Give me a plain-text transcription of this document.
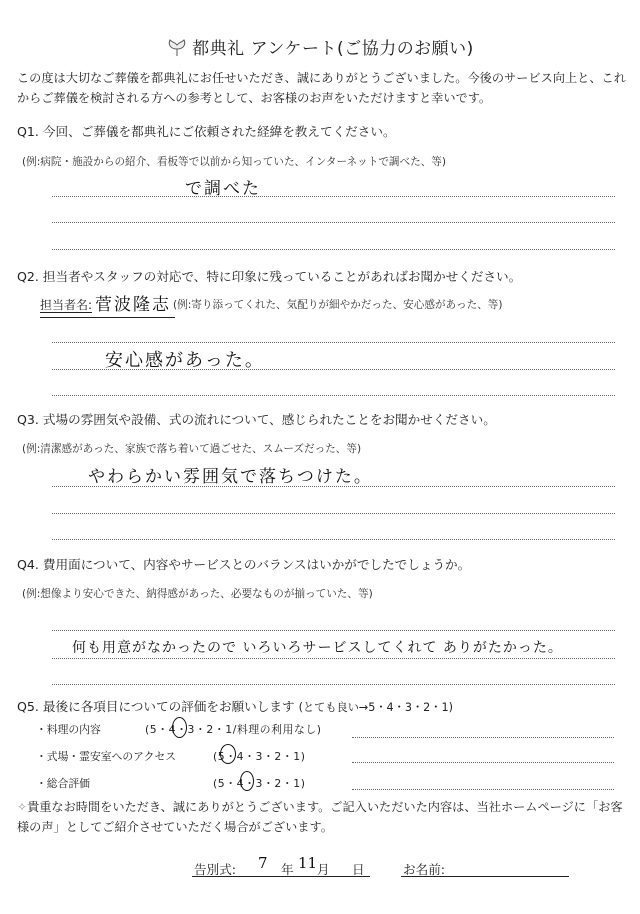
都典礼 アンケート(ご協力のお願い)
この度は大切なご葬儀を都典礼にお任せいただき、誠にありがとうございました。今後のサービス向上と、これからご葬儀を検討される方への参考として、お客様のお声をいただけますと幸いです。
Q1. 今回、ご葬儀を都典礼にご依頼された経緯を教えてください。
(例:病院・施設からの紹介、看板等で以前から知っていた、インターネットで調べた、等)
で調べた
Q2. 担当者やスタッフの対応で、特に印象に残っていることがあればお聞かせください。
担当者名: 菅波隆志 (例:寄り添ってくれた、気配りが細やかだった、安心感があった、等)
安心感があった。
Q3. 式場の雰囲気や設備、式の流れについて、感じられたことをお聞かせください。
(例:清潔感があった、家族で落ち着いて過ごせた、スムーズだった、等)
やわらかい雰囲気で落ちつけた。
Q4. 費用面について、内容やサービスとのバランスはいかがでしたでしょうか。
(例:想像より安心できた、納得感があった、必要なものが揃っていた、等)
何も用意がなかったので いろいろサービスしてくれて ありがたかった。
Q5. 最後に各項目についての評価をお願いします (とても良い→5・4・3・2・1)
・料理の内容	(5・4・3・2・1/料理の利用なし)
・式場・霊安室へのアクセス	(5・4・3・2・1)
・総合評価	(5・4・3・2・1)
✧貴重なお時間をいただき、誠にありがとうございます。ご記入いただいた内容は、当社ホームページに「お客様の声」としてご紹介させていただく場合がございます。
告別式: 7 年 11 月 日	お名前:
